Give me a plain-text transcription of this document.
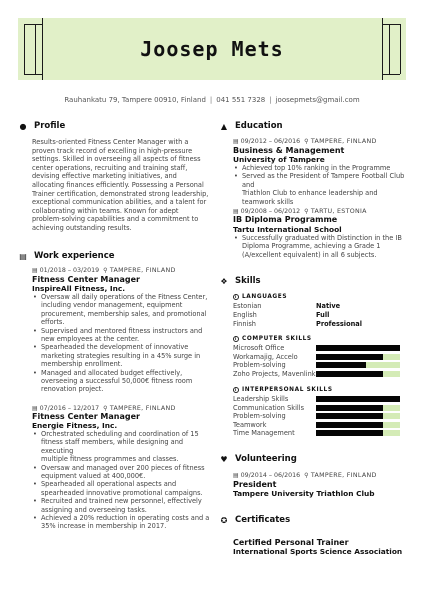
Joosep Mets
Rauhankatu 79, Tampere 00910, Finland | 041 551 7328 | joosepmets@gmail.com
● Profile
Results-oriented Fitness Center Manager with a
proven track record of excelling in high-pressure
settings. Skilled in overseeing all aspects of fitness
center operations, recruiting and training staff,
devising effective marketing initiatives, and
allocating finances efficiently. Possessing a Personal
Trainer certification, demonstrated strong leadership,
exceptional communication abilities, and a talent for
collaborating within teams. Known for adept
problem-solving capabilities and a commitment to
achieving outstanding results.
▤ Work experience
▤ 01/2018 – 03/2019 ⚲ TAMPERE, FINLAND
Fitness Center Manager
InspireAll Fitness, Inc.
• Oversaw all daily operations of the Fitness Center,
including vendor management, equipment
procurement, membership sales, and promotional
efforts.
• Supervised and mentored fitness instructors and
new employees at the center.
• Spearheaded the development of innovative
marketing strategies resulting in a 45% surge in
membership enrollment.
• Managed and allocated budget effectively,
overseeing a successful 50,000€ fitness room
renovation project.
▤ 07/2016 – 12/2017 ⚲ TAMPERE, FINLAND
Fitness Center Manager
Energie Fitness, Inc.
• Orchestrated scheduling and coordination of 15
fitness staff members, while designing and executing
multiple fitness programmes and classes.
• Oversaw and managed over 200 pieces of fitness
equipment valued at 400,000€.
• Spearheaded all operational aspects and
spearheaded innovative promotional campaigns.
• Recruited and trained new personnel, effectively
assigning and overseeing tasks.
• Achieved a 20% reduction in operating costs and a
35% increase in membership in 2017.
▲ Education
▤ 09/2012 – 06/2016 ⚲ TAMPERE, FINLAND
Business & Management
University of Tampere
• Achieved top 10% ranking in the Programme
• Served as the President of Tampere Football Club and
Triathlon Club to enhance leadership and
teamwork skills
▤ 09/2008 – 06/2012 ⚲ TARTU, ESTONIA
IB Diploma Programme
Tartu International School
• Successfully graduated with Distinction in the IB
Diploma Programme, achieving a Grade 1
(A/excellent equivalent) in all 6 subjects.
❖ Skills
i LANGUAGES
Estonian	Native
English	Full
Finnish	Professional
i COMPUTER SKILLS
Microsoft Office
Workamajig, Accelo
Problem-solving
Zoho Projects, Mavenlink
i INTERPERSONAL SKILLS
Leadership Skills
Communication Skills
Problem-solving
Teamwork
Time Management
♥ Volunteering
▤ 09/2014 – 06/2016 ⚲ TAMPERE, FINLAND
President
Tampere University Triathlon Club
✪ Certificates
Certified Personal Trainer
International Sports Science Association
